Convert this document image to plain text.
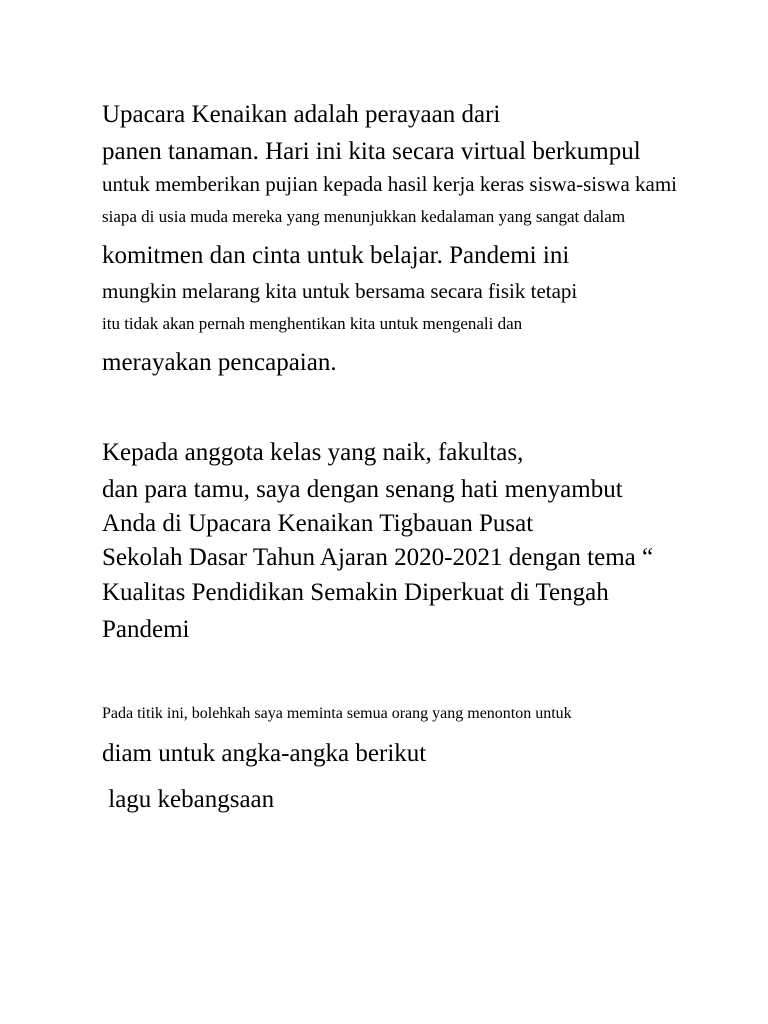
Upacara Kenaikan adalah perayaan dari
panen tanaman. Hari ini kita secara virtual berkumpul
untuk memberikan pujian kepada hasil kerja keras siswa-siswa kami
siapa di usia muda mereka yang menunjukkan kedalaman yang sangat dalam
komitmen dan cinta untuk belajar. Pandemi ini
mungkin melarang kita untuk bersama secara fisik tetapi
itu tidak akan pernah menghentikan kita untuk mengenali dan
merayakan pencapaian.
Kepada anggota kelas yang naik, fakultas,
dan para tamu, saya dengan senang hati menyambut
Anda di Upacara Kenaikan Tigbauan Pusat
Sekolah Dasar Tahun Ajaran 2020-2021 dengan tema “
Kualitas Pendidikan Semakin Diperkuat di Tengah
Pandemi
Pada titik ini, bolehkah saya meminta semua orang yang menonton untuk
diam untuk angka-angka berikut
lagu kebangsaan
